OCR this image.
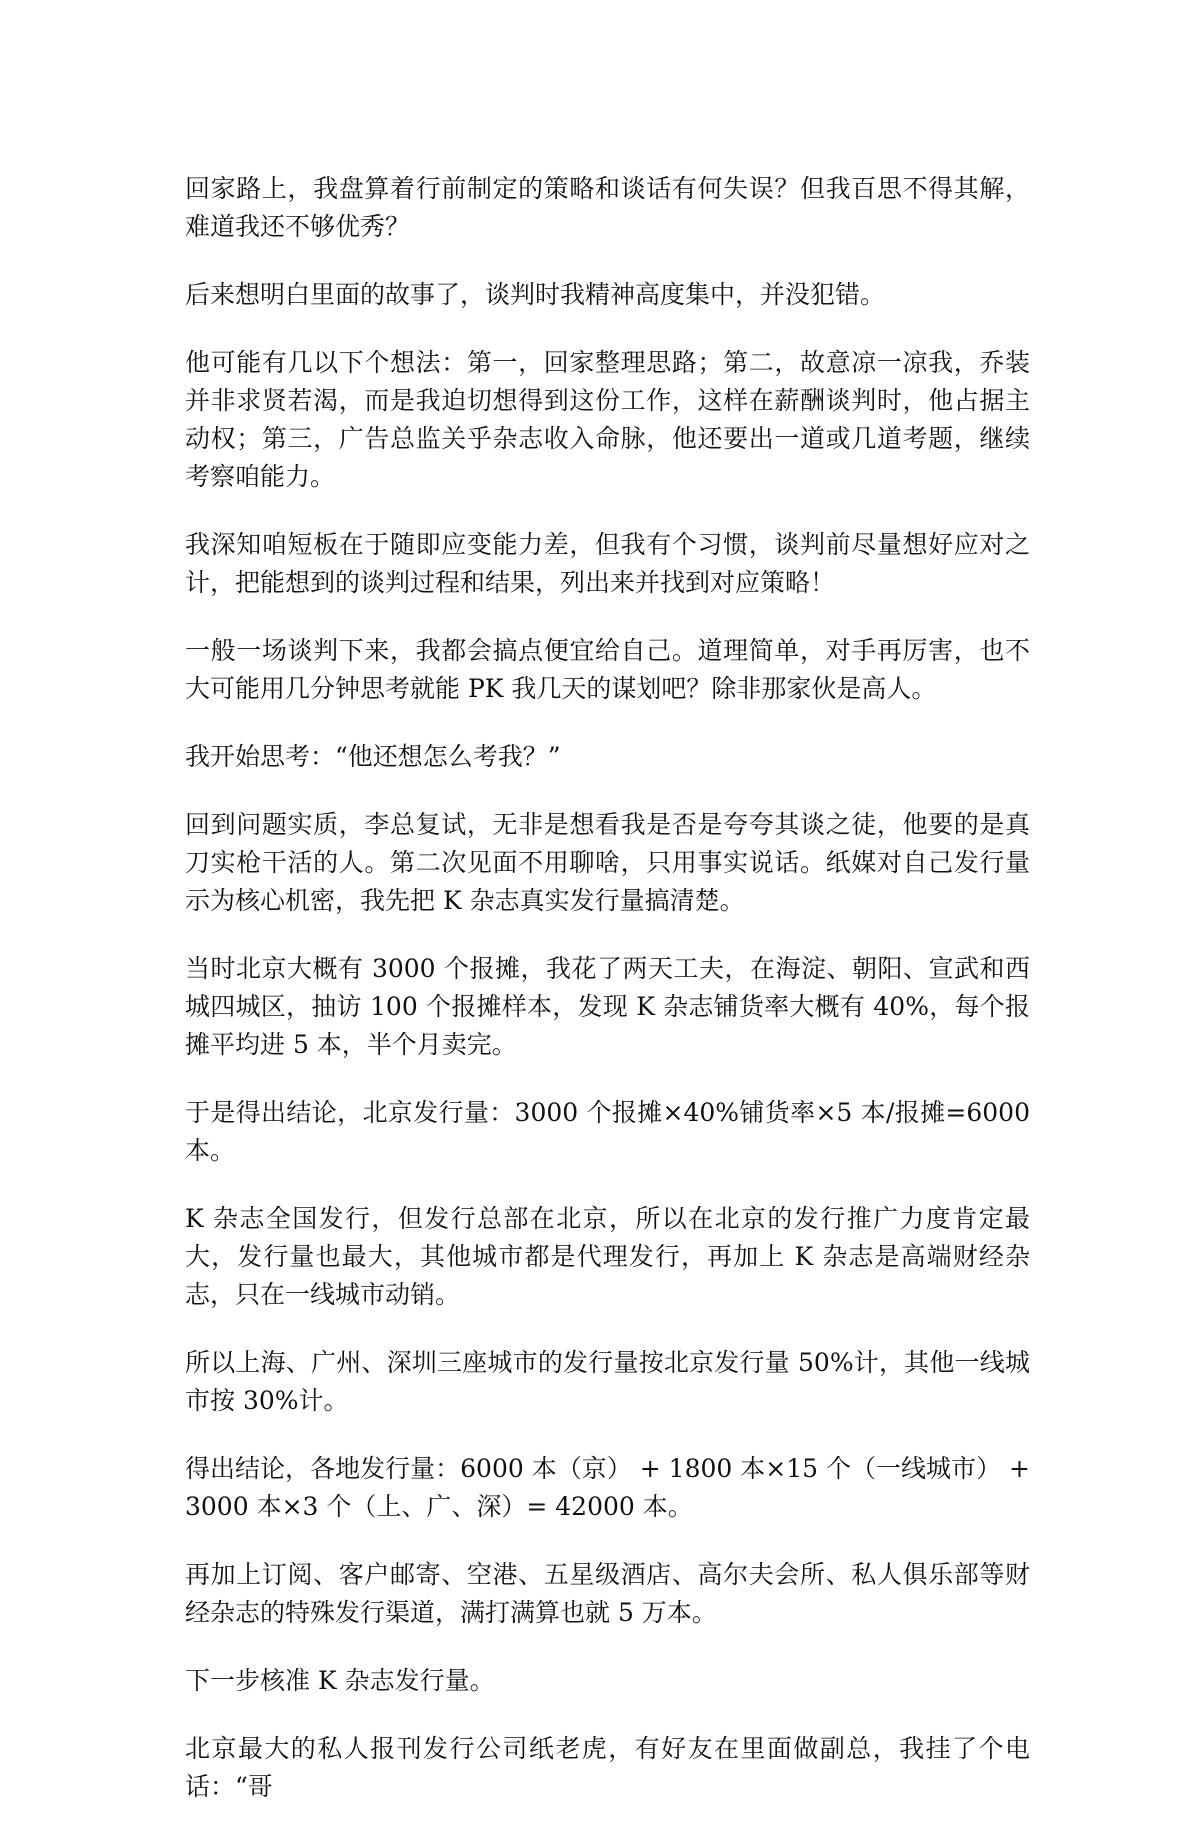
回家路上，我盘算着行前制定的策略和谈话有何失误？但我百思不得其解，难道我还不够优秀？

后来想明白里面的故事了，谈判时我精神高度集中，并没犯错。

他可能有几以下个想法：第一，回家整理思路；第二，故意凉一凉我，乔装并非求贤若渴，而是我迫切想得到这份工作，这样在薪酬谈判时，他占据主动权；第三，广告总监关乎杂志收入命脉，他还要出一道或几道考题，继续考察咱能力。

我深知咱短板在于随即应变能力差，但我有个习惯，谈判前尽量想好应对之计，把能想到的谈判过程和结果，列出来并找到对应策略！

一般一场谈判下来，我都会搞点便宜给自己。道理简单，对手再厉害，也不大可能用几分钟思考就能 PK 我几天的谋划吧？除非那家伙是高人。

我开始思考：“他还想怎么考我？”

回到问题实质，李总复试，无非是想看我是否是夸夸其谈之徒，他要的是真刀实枪干活的人。第二次见面不用聊啥，只用事实说话。纸媒对自己发行量示为核心机密，我先把 K 杂志真实发行量搞清楚。

当时北京大概有 3000 个报摊，我花了两天工夫，在海淀、朝阳、宣武和西城四城区，抽访 100 个报摊样本，发现 K 杂志铺货率大概有 40%，每个报摊平均进 5 本，半个月卖完。

于是得出结论，北京发行量：3000 个报摊×40%铺货率×5 本/报摊=6000 本。

K 杂志全国发行，但发行总部在北京，所以在北京的发行推广力度肯定最大，发行量也最大，其他城市都是代理发行，再加上 K 杂志是高端财经杂志，只在一线城市动销。

所以上海、广州、深圳三座城市的发行量按北京发行量 50%计，其他一线城市按 30%计。

得出结论，各地发行量：6000 本（京） + 1800 本×15 个（一线城市） + 3000 本×3 个（上、广、深）= 42000 本。

再加上订阅、客户邮寄、空港、五星级酒店、高尔夫会所、私人俱乐部等财经杂志的特殊发行渠道，满打满算也就 5 万本。

下一步核准 K 杂志发行量。

北京最大的私人报刊发行公司纸老虎，有好友在里面做副总，我挂了个电话：“哥
